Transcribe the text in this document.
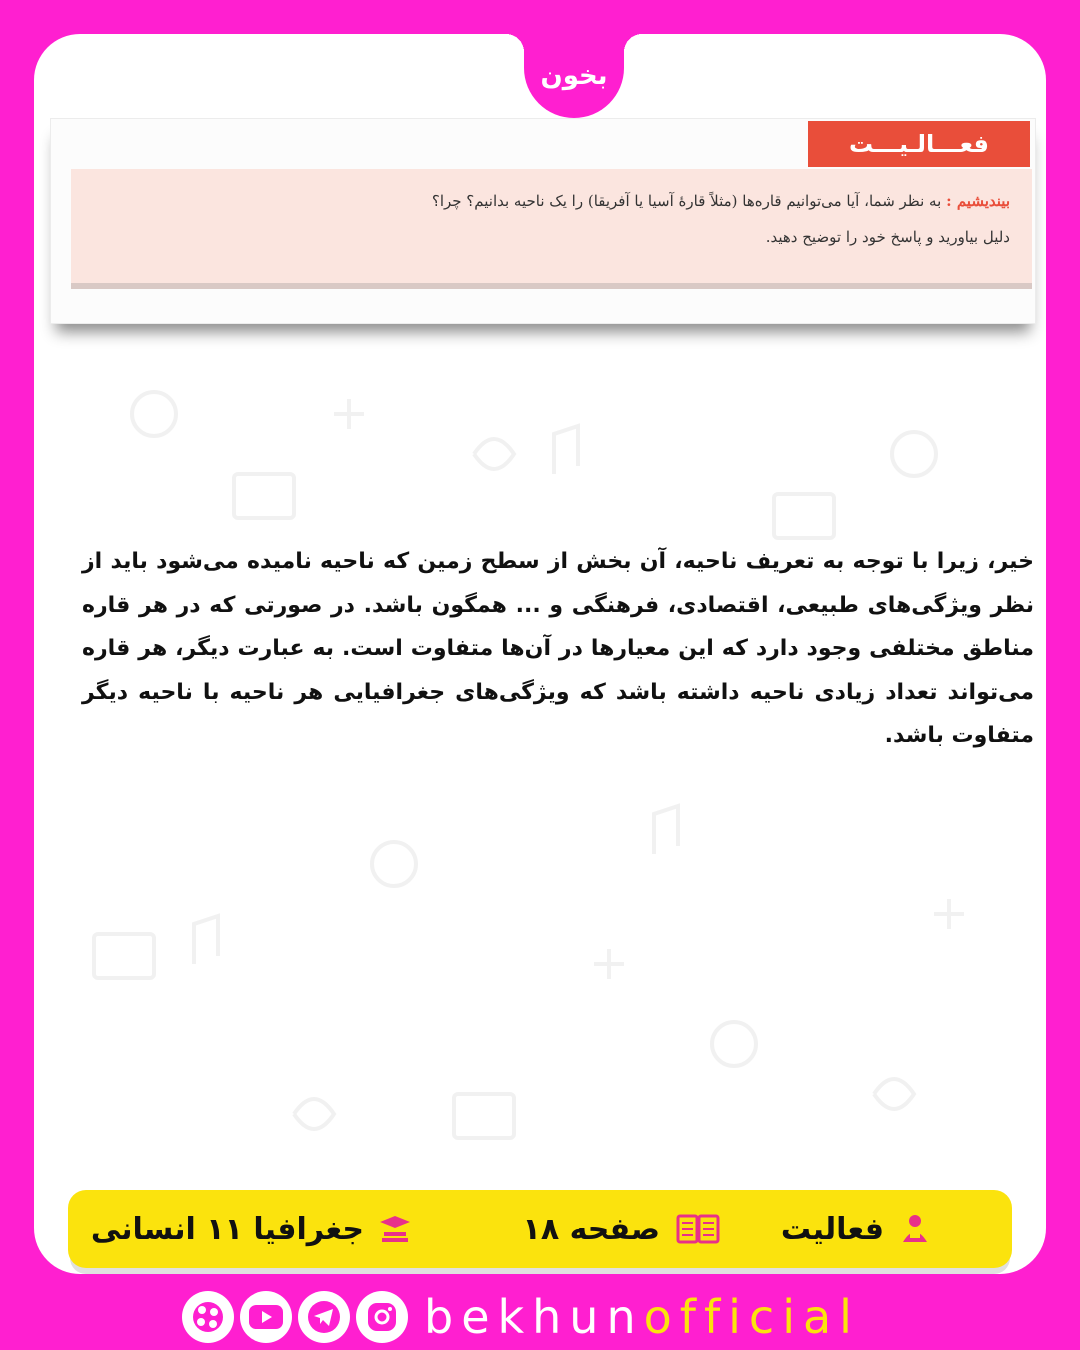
بخون
فعـــالـيـــت
بیندیشیم : به نظر شما، آیا می‌توانیم قاره‌ها (مثلاً قارهٔ آسیا یا آفریقا) را یک ناحیه بدانیم؟ چرا؟
دلیل بیاورید و پاسخ خود را توضیح دهید.
خیر، زیرا با توجه به تعریف ناحیه، آن بخش از سطح زمین که ناحیه نامیده می‌شود باید از نظر ویژگی‌های طبیعی، اقتصادی، فرهنگی و ... همگون باشد. در صورتی که در هر قاره مناطق مختلفی وجود دارد که این معیارها در آن‌ها متفاوت است. به عبارت دیگر، هر قاره می‌تواند تعداد زیادی ناحیه داشته باشد که ویژگی‌های جغرافیایی هر ناحیه با ناحیه دیگر متفاوت باشد.
فعالیت
صفحه ۱۸
جغرافیا ۱۱ انسانی
bekhunofficial
